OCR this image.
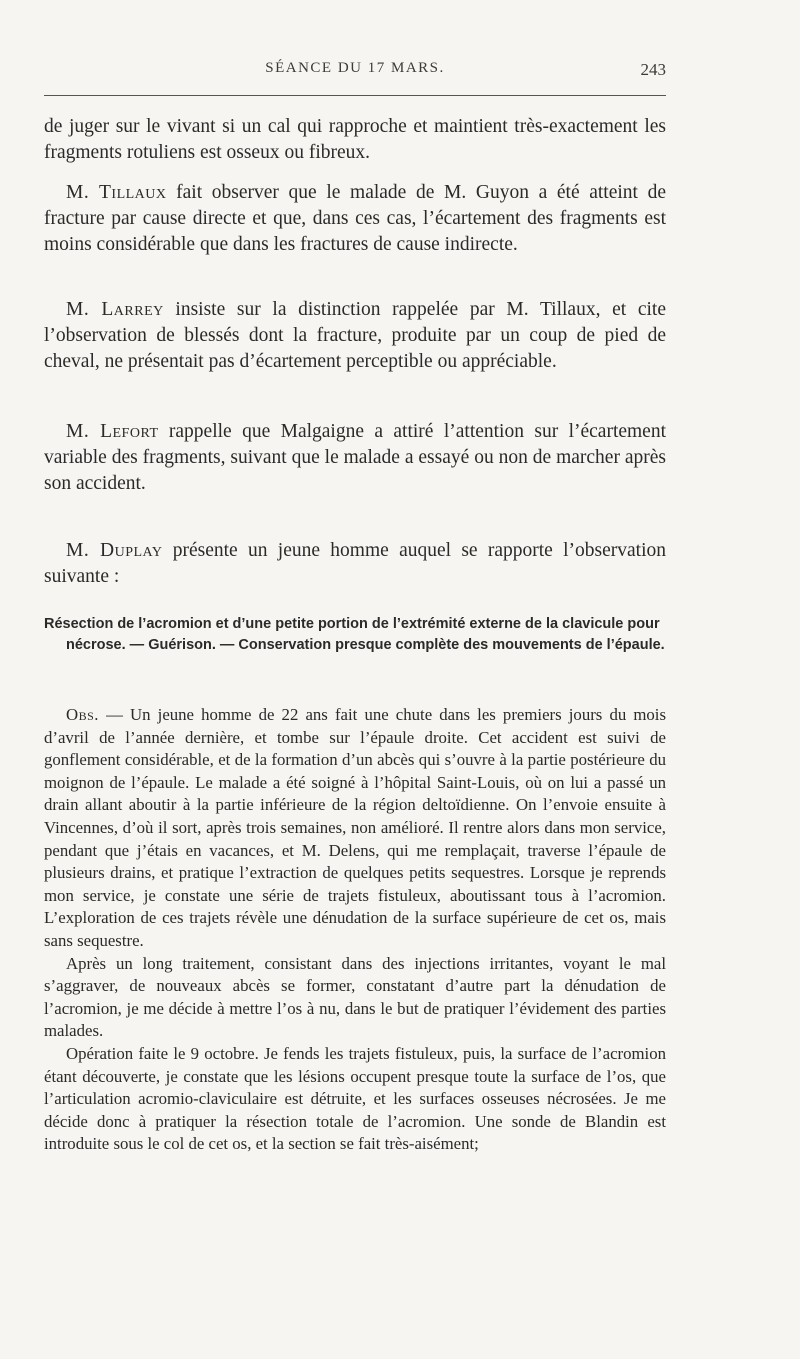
SÉANCE DU 17 MARS.	243

de juger sur le vivant si un cal qui rapproche et maintient très-exactement les fragments rotuliens est osseux ou fibreux.

M. Tillaux fait observer que le malade de M. Guyon a été atteint de fracture par cause directe et que, dans ces cas, l’écartement des fragments est moins considérable que dans les fractures de cause indirecte.

M. Larrey insiste sur la distinction rappelée par M. Tillaux, et cite l’observation de blessés dont la fracture, produite par un coup de pied de cheval, ne présentait pas d’écartement perceptible ou appréciable.

M. Lefort rappelle que Malgaigne a attiré l’attention sur l’écartement variable des fragments, suivant que le malade a essayé ou non de marcher après son accident.

M. Duplay présente un jeune homme auquel se rapporte l’observation suivante :

Résection de l’acromion et d’une petite portion de l’extrémité externe de la clavicule pour nécrose. — Guérison. — Conservation presque complète des mouvements de l’épaule.

Obs. — Un jeune homme de 22 ans fait une chute dans les premiers jours du mois d’avril de l’année dernière, et tombe sur l’épaule droite. Cet accident est suivi de gonflement considérable, et de la formation d’un abcès qui s’ouvre à la partie postérieure du moignon de l’épaule. Le malade a été soigné à l’hôpital Saint-Louis, où on lui a passé un drain allant aboutir à la partie inférieure de la région deltoïdienne. On l’envoie ensuite à Vincennes, d’où il sort, après trois semaines, non amélioré. Il rentre alors dans mon service, pendant que j’étais en vacances, et M. Delens, qui me remplaçait, traverse l’épaule de plusieurs drains, et pratique l’extraction de quelques petits sequestres. Lorsque je reprends mon service, je constate une série de trajets fistuleux, aboutissant tous à l’acromion. L’exploration de ces trajets révèle une dénudation de la surface supérieure de cet os, mais sans sequestre.

Après un long traitement, consistant dans des injections irritantes, voyant le mal s’aggraver, de nouveaux abcès se former, constatant d’autre part la dénudation de l’acromion, je me décide à mettre l’os à nu, dans le but de pratiquer l’évidement des parties malades.

Opération faite le 9 octobre. Je fends les trajets fistuleux, puis, la surface de l’acromion étant découverte, je constate que les lésions occupent presque toute la surface de l’os, que l’articulation acromio-claviculaire est détruite, et les surfaces osseuses nécrosées. Je me décide donc à pratiquer la résection totale de l’acromion. Une sonde de Blandin est introduite sous le col de cet os, et la section se fait très-aisément;
